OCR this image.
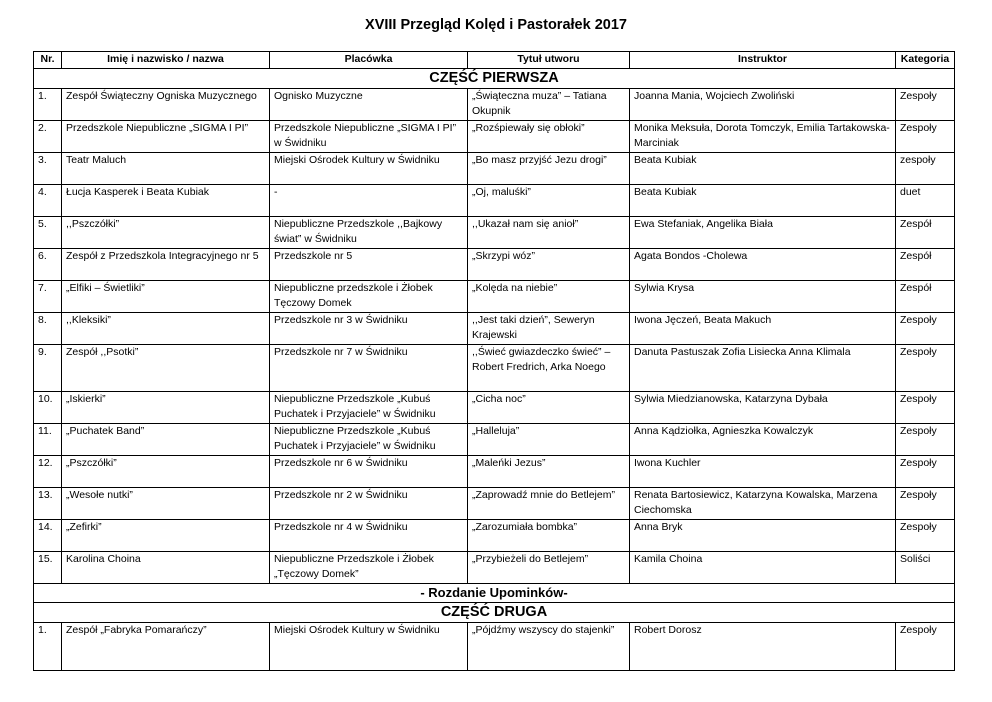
XVIII Przegląd Kolęd i Pastorałek 2017
Nr.	Imię i nazwisko / nazwa	Placówka	Tytuł utworu	Instruktor	Kategoria
CZĘŚĆ PIERWSZA					
1.	Zespół Świąteczny Ogniska Muzycznego	Ognisko Muzyczne	„Świąteczna muza” – Tatiana Okupnik	Joanna Mania, Wojciech Zwoliński	Zespoły
2.	Przedszkole Niepubliczne „SIGMA I PI”	Przedszkole Niepubliczne „SIGMA I PI” w Świdniku	„Rozśpiewały się obłoki”	Monika Meksuła, Dorota Tomczyk, Emilia Tartakowska-Marciniak	Zespoły
3.	Teatr Maluch	Miejski Ośrodek Kultury w Świdniku	„Bo masz przyjść Jezu drogi”	Beata Kubiak	zespoły
4.	Łucja Kasperek i Beata Kubiak	-	„Oj, maluśki”	Beata Kubiak	duet
5.	,,Pszczółki”	Niepubliczne Przedszkole ,,Bajkowy świat” w Świdniku	,,Ukazał nam się anioł”	Ewa Stefaniak, Angelika Biała	Zespół
6.	Zespół z Przedszkola Integracyjnego nr 5	Przedszkole nr 5	„Skrzypi wóz”	Agata Bondos -Cholewa	Zespół
7.	„Elfiki – Świetliki”	Niepubliczne przedszkole i Żłobek Tęczowy Domek	„Kolęda na niebie”	Sylwia Krysa	Zespół
8.	,,Kleksiki”	Przedszkole nr 3 w Świdniku	,,Jest taki dzień”, Seweryn Krajewski	Iwona Jęczeń, Beata Makuch	Zespoły
9.	Zespół ,,Psotki”	Przedszkole nr 7 w Świdniku	,,Świeć gwiazdeczko świeć” – Robert Fredrich, Arka Noego	Danuta Pastuszak Zofia Lisiecka Anna Klimala	Zespoły
10.	„Iskierki”	Niepubliczne Przedszkole „Kubuś Puchatek i Przyjaciele” w Świdniku	„Cicha noc”	Sylwia Miedzianowska, Katarzyna Dybała	Zespoły
11.	„Puchatek Band”	Niepubliczne Przedszkole „Kubuś Puchatek i Przyjaciele” w Świdniku	„Halleluja”	Anna Kądziołka, Agnieszka Kowalczyk	Zespoły
12.	„Pszczółki”	Przedszkole nr 6 w Świdniku	„Maleńki Jezus”	Iwona Kuchler	Zespoły
13.	„Wesołe nutki”	Przedszkole nr 2 w Świdniku	„Zaprowadź mnie do Betlejem”	Renata Bartosiewicz, Katarzyna Kowalska, Marzena Ciechomska	Zespoły
14.	„Zefirki”	Przedszkole nr 4 w Świdniku	„Zarozumiała bombka”	Anna Bryk	Zespoły
15.	Karolina Choina	Niepubliczne Przedszkole i Żłobek „Tęczowy Domek”	„Przybieżeli do Betlejem”	Kamila Choina	Soliści
- Rozdanie Upominków-					
CZĘŚĆ DRUGA					
1.	Zespół „Fabryka Pomarańczy”	Miejski Ośrodek Kultury w Świdniku	„Pójdźmy wszyscy do stajenki”	Robert Dorosz	Zespoły
